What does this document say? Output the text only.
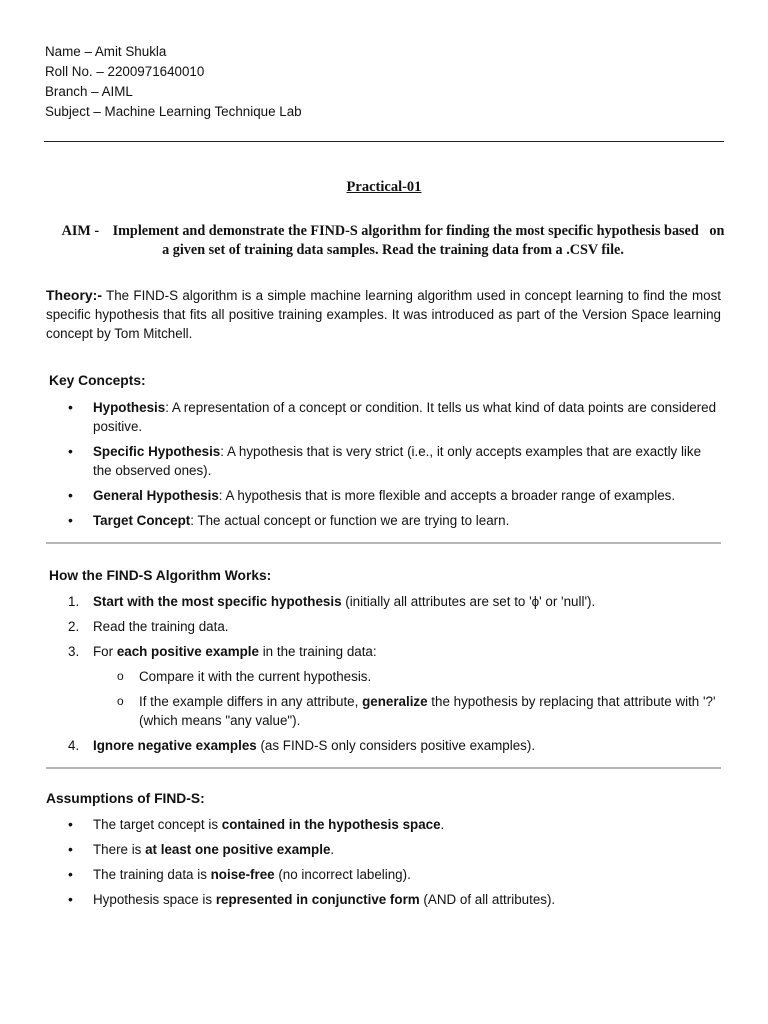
Name – Amit Shukla
Roll No. – 2200971640010
Branch – AIML
Subject – Machine Learning Technique Lab
Practical-01
AIM - Implement and demonstrate the FIND-S algorithm for finding the most specific hypothesis based   on a given set of training data samples. Read the training data from a .CSV file.
Theory:- The FIND-S algorithm is a simple machine learning algorithm used in concept learning to find the most specific hypothesis that fits all positive training examples. It was introduced as part of the Version Space learning concept by Tom Mitchell.
Key Concepts:
•	Hypothesis: A representation of a concept or condition. It tells us what kind of data points are considered positive.
•	Specific Hypothesis: A hypothesis that is very strict (i.e., it only accepts examples that are exactly like the observed ones).
•	General Hypothesis: A hypothesis that is more flexible and accepts a broader range of examples.
•	Target Concept: The actual concept or function we are trying to learn.
How the FIND-S Algorithm Works:
1.	Start with the most specific hypothesis (initially all attributes are set to 'ϕ' or 'null').
2.	Read the training data.
3.	For each positive example in the training data:
o	Compare it with the current hypothesis.
o	If the example differs in any attribute, generalize the hypothesis by replacing that attribute with '?' (which means "any value").
4.	Ignore negative examples (as FIND-S only considers positive examples).
Assumptions of FIND-S:
•	The target concept is contained in the hypothesis space.
•	There is at least one positive example.
•	The training data is noise-free (no incorrect labeling).
•	Hypothesis space is represented in conjunctive form (AND of all attributes).
